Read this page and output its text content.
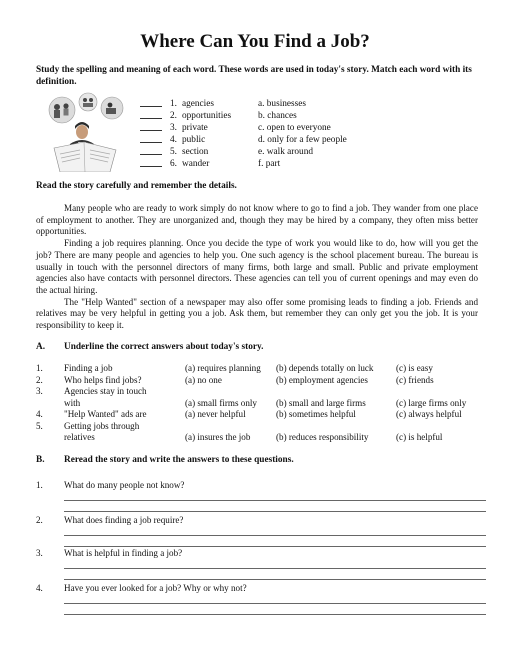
Where Can You Find a Job?
Study the spelling and meaning of each word. These words are used in today's story. Match each word with its definition.
1. agencies	a. businesses
2. opportunities	b. chances
3. private	c. open to everyone
4. public	d. only for a few people
5. section	e. walk around
6. wander	f. part
Read the story carefully and remember the details.

Many people who are ready to work simply do not know where to go to find a job. They wander from one place of employment to another. They are unorganized and, though they may be hired by a company, they often miss better opportunities.

Finding a job requires planning. Once you decide the type of work you would like to do, how will you get the job? There are many people and agencies to help you. One such agency is the school placement bureau. The bureau is usually in touch with the personnel directors of many firms, both large and small. Public and private employment agencies also have contacts with personnel directors. These agencies can tell you of current openings and may even do the actual hiring.

The "Help Wanted" section of a newspaper may also offer some promising leads to finding a job. Friends and relatives may be very helpful in getting you a job. Ask them, but remember they can only get you the job. It is your responsibility to keep it.

A. Underline the correct answers about today's story.
1.	Finding a job	(a) requires planning	(b) depends totally on luck	(c) is easy
2.	Who helps find jobs?	(a) no one	(b) employment agencies	(c) friends
3.	Agencies stay in touch
with	(a) small firms only	(b) small and large firms	(c) large firms only
4.	"Help Wanted" ads are	(a) never helpful	(b) sometimes helpful	(c) always helpful
5.	Getting jobs through
relatives	(a) insures the job	(b) reduces responsibility	(c) is helpful
B. Reread the story and write the answers to these questions.
1.	What do many people not know?
2.	What does finding a job require?
3.	What is helpful in finding a job?
4.	Have you ever looked for a job? Why or why not?
